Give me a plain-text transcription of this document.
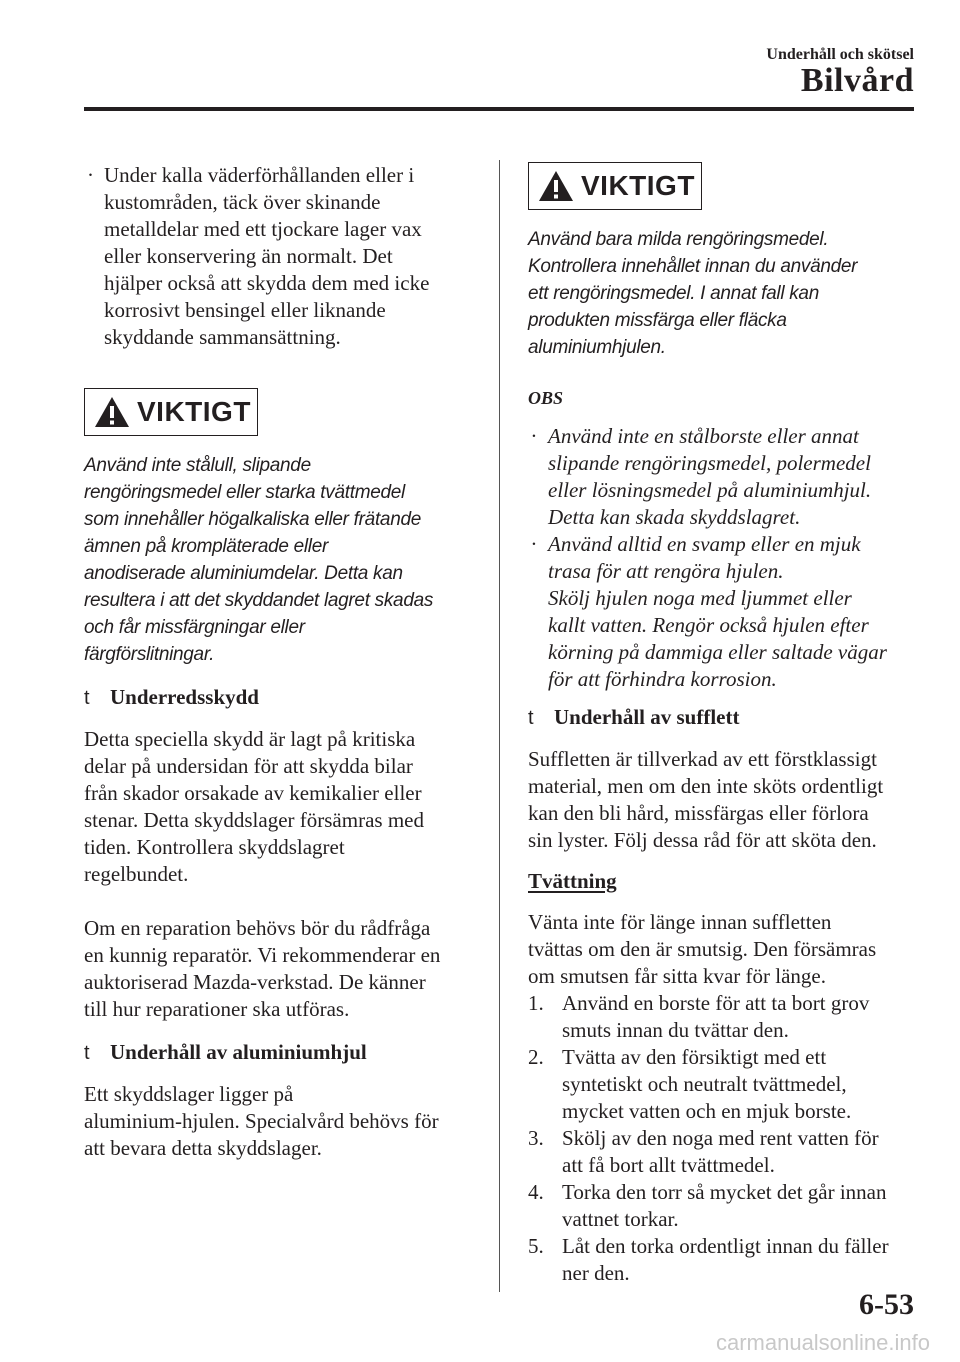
Underhåll och skötsel
Bilvård
· Under kalla väderförhållanden eller i
kustområden, täck över skinande
metalldelar med ett tjockare lager vax
eller konservering än normalt. Det
hjälper också att skydda dem med icke
korrosivt bensingel eller liknande
skyddande sammansättning.
VIKTIGT
Använd inte stålull, slipande
rengöringsmedel eller starka tvättmedel
som innehåller högalkaliska eller frätande
ämnen på krompläterade eller
anodiserade aluminiumdelar. Detta kan
resultera i att det skyddandet lagret skadas
och får missfärgningar eller
färgförslitningar.
t Underredsskydd
Detta speciella skydd är lagt på kritiska
delar på undersidan för att skydda bilar
från skador orsakade av kemikalier eller
stenar. Detta skyddslager försämras med
tiden. Kontrollera skyddslagret
regelbundet.
Om en reparation behövs bör du rådfråga
en kunnig reparatör. Vi rekommenderar en
auktoriserad Mazda-verkstad. De känner
till hur reparationer ska utföras.
t Underhåll av aluminiumhjul
Ett skyddslager ligger på
aluminium-hjulen. Specialvård behövs för
att bevara detta skyddslager.
VIKTIGT
Använd bara milda rengöringsmedel.
Kontrollera innehållet innan du använder
ett rengöringsmedel. I annat fall kan
produkten missfärga eller fläcka
aluminiumhjulen.
OBS
· Använd inte en stålborste eller annat
slipande rengöringsmedel, polermedel
eller lösningsmedel på aluminiumhjul.
Detta kan skada skyddslagret.
· Använd alltid en svamp eller en mjuk
trasa för att rengöra hjulen.
Skölj hjulen noga med ljummet eller
kallt vatten. Rengör också hjulen efter
körning på dammiga eller saltade vägar
för att förhindra korrosion.
t Underhåll av sufflett
Suffletten är tillverkad av ett förstklassigt
material, men om den inte sköts ordentligt
kan den bli hård, missfärgas eller förlora
sin lyster. Följ dessa råd för att sköta den.
Tvättning
Vänta inte för länge innan suffletten
tvättas om den är smutsig. Den försämras
om smutsen får sitta kvar för länge.
1. Använd en borste för att ta bort grov
smuts innan du tvättar den.
2. Tvätta av den försiktigt med ett
syntetiskt och neutralt tvättmedel,
mycket vatten och en mjuk borste.
3. Skölj av den noga med rent vatten för
att få bort allt tvättmedel.
4. Torka den torr så mycket det går innan
vattnet torkar.
5. Låt den torka ordentligt innan du fäller
ner den.
6-53
carmanualsonline.info
